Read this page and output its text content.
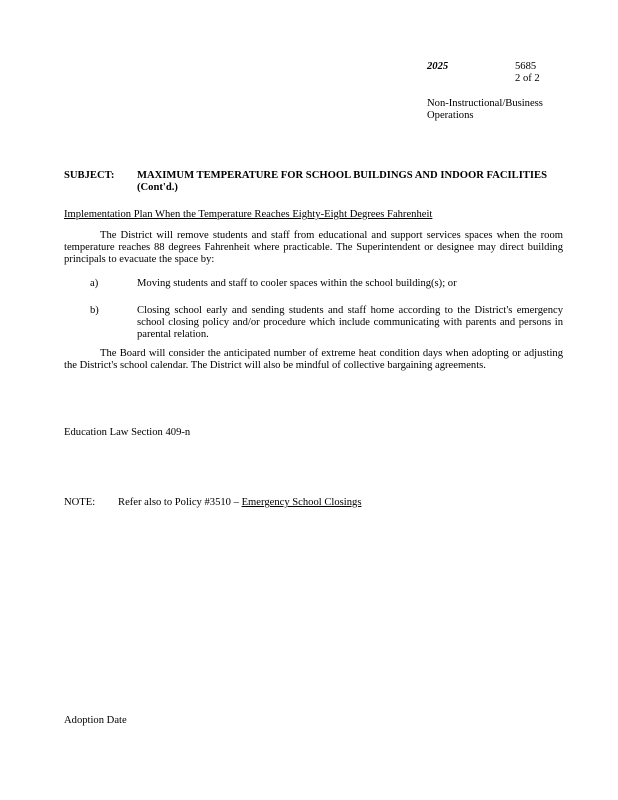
2025	5685
2 of 2
Non-Instructional/Business Operations
SUBJECT: MAXIMUM TEMPERATURE FOR SCHOOL BUILDINGS AND INDOOR FACILITIES (Cont'd.)
Implementation Plan When the Temperature Reaches Eighty-Eight Degrees Fahrenheit
The District will remove students and staff from educational and support services spaces when the room temperature reaches 88 degrees Fahrenheit where practicable. The Superintendent or designee may direct building principals to evacuate the space by:
a)	Moving students and staff to cooler spaces within the school building(s); or
b)	Closing school early and sending students and staff home according to the District's emergency school closing policy and/or procedure which include communicating with parents and persons in parental relation.
The Board will consider the anticipated number of extreme heat condition days when adopting or adjusting the District's school calendar. The District will also be mindful of collective bargaining agreements.
Education Law Section 409-n
NOTE: Refer also to Policy #3510 – Emergency School Closings
Adoption Date
